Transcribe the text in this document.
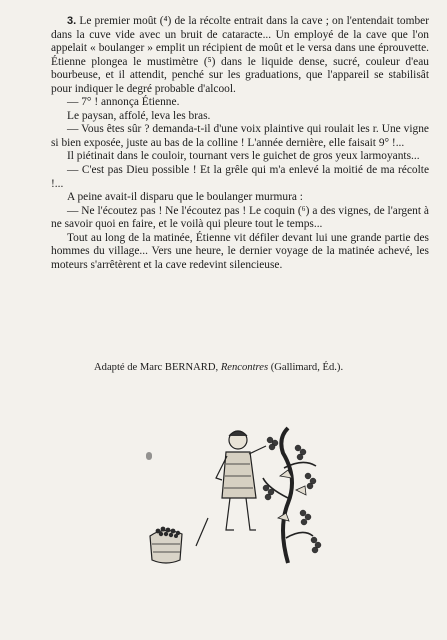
3. Le premier moût (⁴) de la récolte entrait dans la cave ; on l'entendait tomber dans la cuve vide avec un bruit de cataracte... Un employé de la cave que l'on appelait « boulanger » emplit un récipient de moût et le versa dans une éprouvette. Étienne plongea le mustimètre (⁵) dans le liquide dense, sucré, couleur d'eau bourbeuse, et il attendit, penché sur les graduations, que l'appareil se stabilisât pour indiquer le degré probable d'alcool.

— 7° ! annonça Étienne.

Le paysan, affolé, leva les bras.

— Vous êtes sûr ? demanda-t-il d'une voix plaintive qui roulait les r. Une vigne si bien exposée, juste au bas de la colline ! L'année dernière, elle faisait 9° !...

Il piétinait dans le couloir, tournant vers le guichet de gros yeux larmoyants...

— C'est pas Dieu possible ! Et la grêle qui m'a enlevé la moitié de ma récolte !...

A peine avait-il disparu que le boulanger murmura :

— Ne l'écoutez pas ! Ne l'écoutez pas ! Le coquin (⁶) a des vignes, de l'argent à ne savoir quoi en faire, et le voilà qui pleure tout le temps...

Tout au long de la matinée, Étienne vit défiler devant lui une grande partie des hommes du village... Vers une heure, le dernier voyage de la matinée achevé, les moteurs s'arrêtèrent et la cave redevint silencieuse.

Adapté de Marc BERNARD, Rencontres (Gallimard, Éd.).
